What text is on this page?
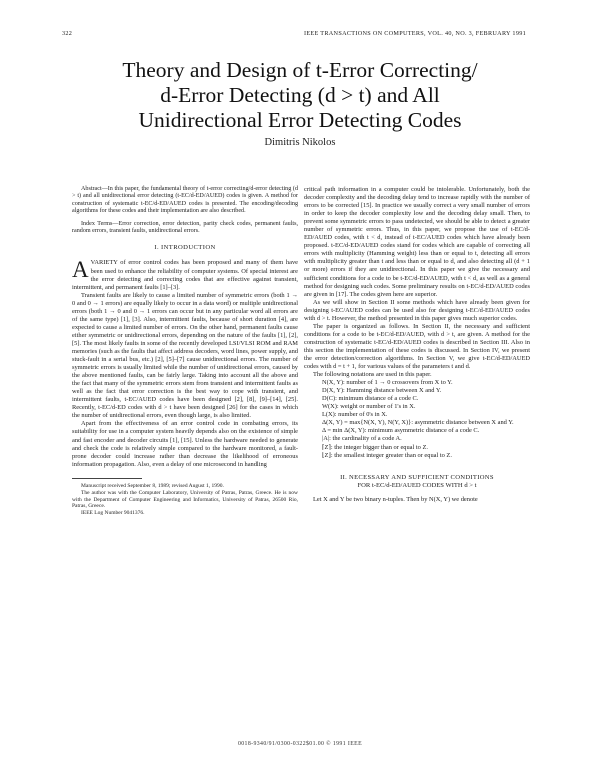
322	IEEE TRANSACTIONS ON COMPUTERS, VOL. 40, NO. 3, FEBRUARY 1991
Theory and Design of t-Error Correcting/
d-Error Detecting (d > t) and All
Unidirectional Error Detecting Codes
Dimitris Nikolos

Abstract—In this paper, the fundamental theory of t-error correcting/d-error detecting (d > t) and all unidirectional error detecting (t-EC/d-ED/AUED) codes is given. A method for construction of systematic t-EC/d-ED/AUED codes is presented. The encoding/decoding algorithms for these codes and their implementation are also described.

Index Terms—Error correction, error detection, parity check codes, permanent faults, random errors, transient faults, unidirectional errors.

I. INTRODUCTION

AVARIETY of error control codes has been proposed and many of them have been used to enhance the reliability of computer systems. Of special interest are the error detecting and correcting codes that are effective against transient, intermittent, and permanent faults [1]–[3].

Transient faults are likely to cause a limited number of symmetric errors (both 1 → 0 and 0 → 1 errors) are equally likely to occur in a data word) or multiple unidirectional errors (both 1 → 0 and 0 → 1 errors can occur but in any particular word all errors are of the same type) [1], [3]. Also, intermittent faults, because of short duration [4], are expected to cause a limited number of errors. On the other hand, permanent faults cause either symmetric or unidirectional errors, depending on the nature of the faults [1], [2], [5]. The most likely faults in some of the recently developed LSI/VLSI ROM and RAM memories (such as the faults that affect address decoders, word lines, power supply, and stuck-fault in a serial bus, etc.) [2], [5]–[7] cause unidirectional errors. The number of symmetric errors is usually limited while the number of unidirectional errors, caused by the above mentioned faults, can be fairly large. Taking into account all the above and the fact that many of the symmetric errors stem from transient and intermittent faults as well as the fact that error correction is the best way to cope with transient, and intermittent faults, t-EC/AUED codes have been designed [2], [8], [9]–[14], [25]. Recently, t-EC/d-ED codes with d > t have been designed [26] for the cases in which the number of unidirectional errors, even though large, is also limited.

Apart from the effectiveness of an error control code in combating errors, its suitability for use in a computer system heavily depends also on the existence of simple and fast encoder and decoder circuits [1], [15]. Unless the hardware needed to generate and check the code is relatively simple compared to the hardware monitored, a fault-prone decoder could increase rather than decrease the likelihood of erroneous information propagation. Also, even a delay of one microsecond in handling

Manuscript received September 8, 1989; revised August 1, 1990.

The author was with the Computer Laboratory, University of Patras, Patras, Greece. He is now with the Department of Computer Engineering and Informatics, University of Patras, 26500 Rio, Patras, Greece.

IEEE Log Number 9041376.

critical path information in a computer could be intolerable. Unfortunately, both the decoder complexity and the decoding delay tend to increase rapidly with the number of errors to be corrected [15]. In practice we usually correct a very small number of errors in order to keep the decoder complexity low and the decoding delay small. Then, to prevent some symmetric errors to pass undetected, we should be able to detect a greater number of symmetric errors. Thus, in this paper, we propose the use of t-EC/d-ED/AUED codes, with t < d, instead of t-EC/AUED codes which have already been proposed. t-EC/d-ED/AUED codes stand for codes which are capable of correcting all errors with multiplicity (Hamming weight) less than or equal to t, detecting all errors with multiplicity greater than t and less than or equal to d, and also detecting all (d + 1 or more) errors if they are unidirectional. In this paper we give the necessary and sufficient conditions for a code to be t-EC/d-ED/AUED, with t < d, as well as a general method for designing such codes. Some preliminary results on t-EC/d-ED/AUED codes are given in [17]. The codes given here are superior.

As we will show in Section II some methods which have already been given for designing t-EC/AUED codes can be used also for designing t-EC/d-ED/AUED codes with d > t. However, the method presented in this paper gives much superior codes.

The paper is organized as follows. In Section II, the necessary and sufficient conditions for a code to be t-EC/d-ED/AUED, with d > t, are given. A method for the construction of systematic t-EC/d-ED/AUED codes is described in Section III. Also in this section the implementation of these codes is discussed. In Section IV, we present the error detection/correction algorithms. In Section V, we give t-EC/d-ED/AUED codes with d = t + 1, for various values of the parameters t and d.

The following notations are used in this paper.

N(X, Y): number of 1 → 0 crossovers from X to Y.

D(X, Y): Hamming distance between X and Y.

D(C): minimum distance of a code C.

W(X): weight or number of 1's in X.

L(X): number of 0's in X.

Δ(X, Y) = max{N(X, Y), N(Y, X)}: asymmetric distance between X and Y.

Δ = min Δ(X, Y): minimum asymmetric distance of a code C.

|A|: the cardinality of a code A.

⌈Z⌉: the integer bigger than or equal to Z.

⌊Z⌋: the smallest integer greater than or equal to Z.

II. NECESSARY AND SUFFICIENT CONDITIONS
FOR t-EC/d-ED/AUED CODES WITH d > t

Let X and Y be two binary n-tuples. Then by N(X, Y) we denote

0018-9340/91/0300-0322$01.00 © 1991 IEEE
